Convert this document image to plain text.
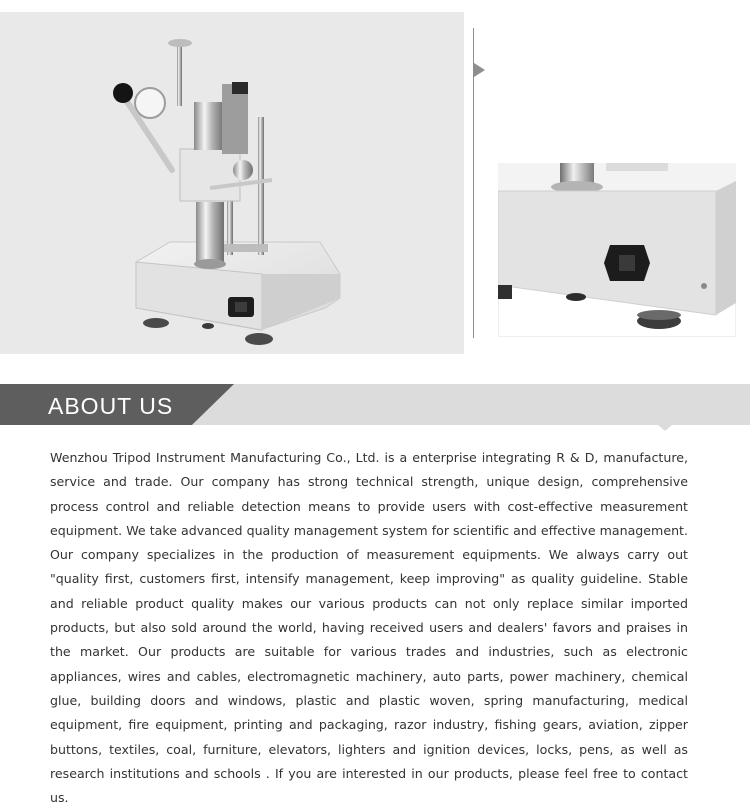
ABOUT US

Wenzhou Tripod Instrument Manufacturing Co., Ltd. is a enterprise integrating R & D, manufacture, service and trade. Our company has strong technical strength, unique design, comprehensive process control and reliable detection means to provide users with cost-effective measurement equipment. We take advanced quality management system for scientific and effective management. Our company specializes in the production of measurement equipments. We always carry out "quality first, customers first, intensify management, keep improving" as quality guideline. Stable and reliable product quality makes our various products can not only replace similar imported products, but also sold around the world, having received users and dealers' favors and praises in the market. Our products are suitable for various trades and industries, such as electronic appliances, wires and cables, electromagnetic machinery, auto parts, power machinery, chemical glue, building doors and windows, plastic and plastic woven, spring manufacturing, medical equipment, fire equipment, printing and packaging, razor industry, fishing gears, aviation, zipper buttons, textiles, coal, furniture, elevators, lighters and ignition devices, locks, pens, as well as research institutions and schools . If you are interested in our products, please feel free to contact us.
